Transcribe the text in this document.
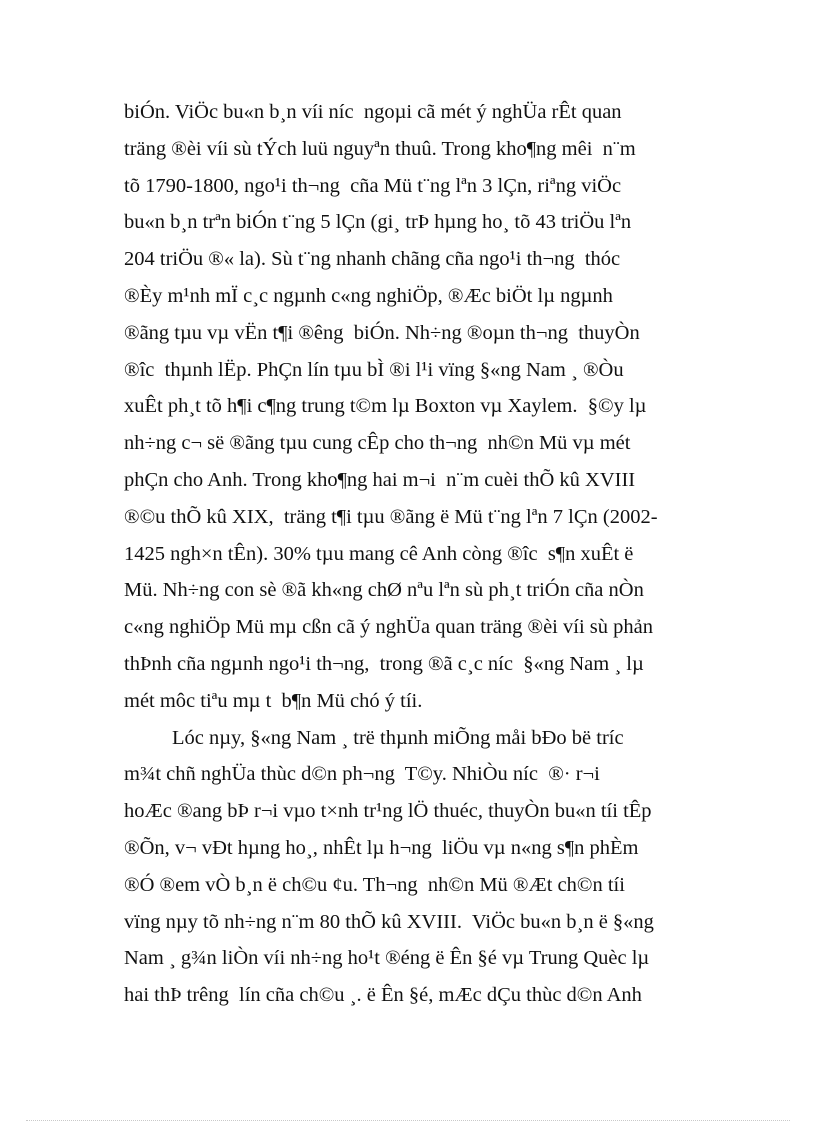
biÓn. ViÖc bu«n b¸n víi níc  ngoµi cã mét ý nghÜa rÊt quan
träng ®èi víi sù tÝch luü nguyªn thuû. Trong kho¶ng mêi  n¨m
tõ 1790-1800, ngo¹i th¬ng  cña Mü t¨ng lªn 3 lÇn, riªng viÖc
bu«n b¸n trªn biÓn t¨ng 5 lÇn (gi¸ trÞ hµng ho¸ tõ 43 triÖu lªn
204 triÖu ®« la). Sù t¨ng nhanh chãng cña ngo¹i th¬ng  thóc
®Èy m¹nh mÏ c¸c ngµnh c«ng nghiÖp, ®Æc biÖt lµ ngµnh
®ãng tµu vµ vËn t¶i ®êng  biÓn. Nh÷ng ®oµn th¬ng  thuyÒn
®îc  thµnh lËp. PhÇn lín tµu bÌ ®i l¹i vïng §«ng Nam ¸ ®Òu
xuÊt ph¸t tõ h¶i c¶ng trung t©m lµ Boxton vµ Xaylem.  §©y lµ
nh÷ng c¬ së ®ãng tµu cung cÊp cho th¬ng  nh©n Mü vµ mét
phÇn cho Anh. Trong kho¶ng hai m¬i  n¨m cuèi thÕ kû XVIII
®©u thÕ kû XIX,  träng t¶i tµu ®ãng ë Mü t¨ng lªn 7 lÇn (2002-
1425 ngh×n tÊn). 30% tµu mang cê Anh còng ®îc  s¶n xuÊt ë
Mü. Nh÷ng con sè ®ã kh«ng chØ nªu lªn sù ph¸t triÓn cña nÒn
c«ng nghiÖp Mü mµ cßn cã ý nghÜa quan träng ®èi víi sù phản
thÞnh cña ngµnh ngo¹i th¬ng,  trong ®ã c¸c níc  §«ng Nam ¸ lµ
mét môc tiªu mµ t  b¶n Mü chó ý tíi.
Lóc nµy, §«ng Nam ¸ trë thµnh miÕng måi bÐo bë tríc
m¾t chñ nghÜa thùc d©n ph¬ng  T©y. NhiÒu níc  ®· r¬i
hoÆc ®ang bÞ r¬i vµo t×nh tr¹ng lÖ thuéc, thuyÒn bu«n tíi tÊp
®Õn, v¬ vÐt hµng ho¸, nhÊt lµ h¬ng  liÖu vµ n«ng s¶n phÈm
®Ó ®em vÒ b¸n ë ch©u ¢u. Th¬ng  nh©n Mü ®Æt ch©n tíi
vïng nµy tõ nh÷ng n¨m 80 thÕ kû XVIII.  ViÖc bu«n b¸n ë §«ng
Nam ¸ g¾n liÒn víi nh÷ng ho¹t ®éng ë Ên §é vµ Trung Quèc lµ
hai thÞ trêng  lín cña ch©u ¸. ë Ên §é, mÆc dÇu thùc d©n Anh
